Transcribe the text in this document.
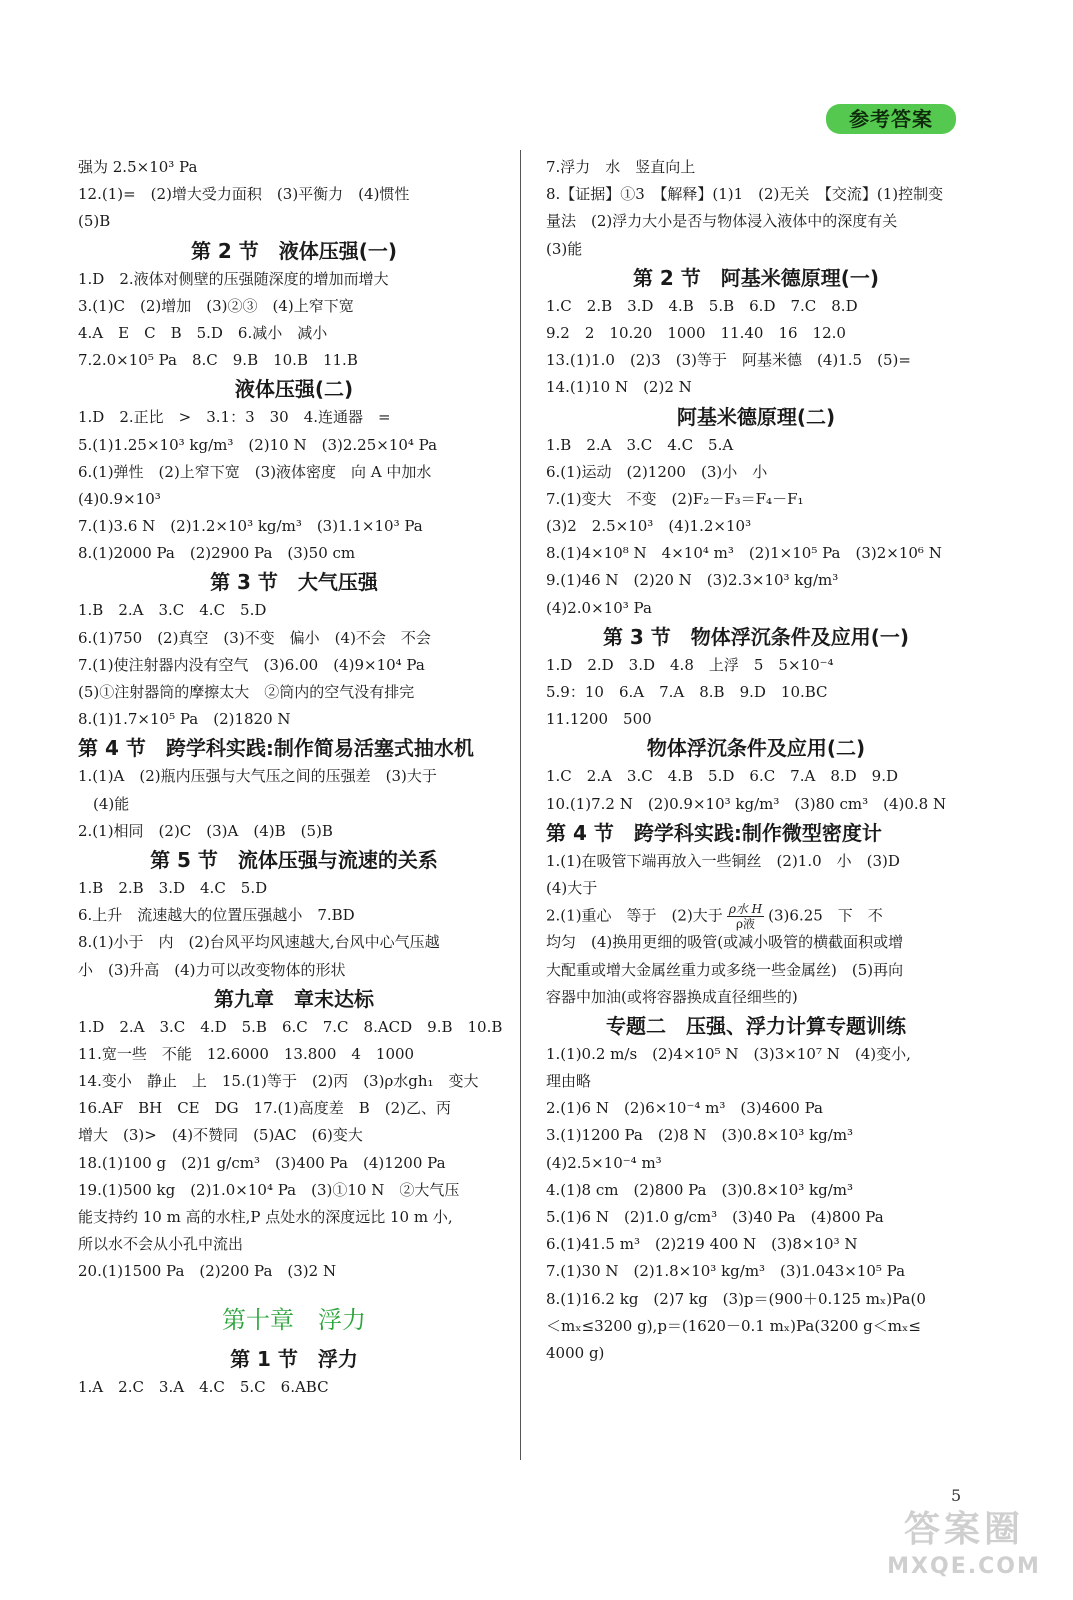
参考答案
强为 2.5×10³ Pa
12.(1)=　(2)增大受力面积　(3)平衡力　(4)惯性
(5)B
第 2 节　液体压强(一)
1.D　2.液体对侧壁的压强随深度的增加而增大
3.(1)C　(2)增加　(3)②③　(4)上窄下宽
4.A　E　C　B　5.D　6.减小　减小
7.2.0×10⁵ Pa　8.C　9.B　10.B　11.B
液体压强(二)
1.D　2.正比　>　3.1：3　30　4.连通器　=
5.(1)1.25×10³ kg/m³　(2)10 N　(3)2.25×10⁴ Pa
6.(1)弹性　(2)上窄下宽　(3)液体密度　向 A 中加水
(4)0.9×10³
7.(1)3.6 N　(2)1.2×10³ kg/m³　(3)1.1×10³ Pa
8.(1)2000 Pa　(2)2900 Pa　(3)50 cm
第 3 节　大气压强
1.B　2.A　3.C　4.C　5.D
6.(1)750　(2)真空　(3)不变　偏小　(4)不会　不会
7.(1)使注射器内没有空气　(3)6.00　(4)9×10⁴ Pa
(5)①注射器筒的摩擦太大　②筒内的空气没有排完
8.(1)1.7×10⁵ Pa　(2)1820 N
第 4 节　跨学科实践:制作简易活塞式抽水机
1.(1)A　(2)瓶内压强与大气压之间的压强差　(3)大于
　(4)能
2.(1)相同　(2)C　(3)A　(4)B　(5)B
第 5 节　流体压强与流速的关系
1.B　2.B　3.D　4.C　5.D
6.上升　流速越大的位置压强越小　7.BD
8.(1)小于　内　(2)台风平均风速越大,台风中心气压越
小　(3)升高　(4)力可以改变物体的形状
第九章　章末达标
1.D　2.A　3.C　4.D　5.B　6.C　7.C　8.ACD　9.B　10.B
11.宽一些　不能　12.6000　13.800　4　1000
14.变小　静止　上　15.(1)等于　(2)丙　(3)ρ水gh₁　变大
16.AF　BH　CE　DG　17.(1)高度差　B　(2)乙、丙
增大　(3)>　(4)不赞同　(5)AC　(6)变大
18.(1)100 g　(2)1 g/cm³　(3)400 Pa　(4)1200 Pa
19.(1)500 kg　(2)1.0×10⁴ Pa　(3)①10 N　②大气压
能支持约 10 m 高的水柱,P 点处水的深度远比 10 m 小,
所以水不会从小孔中流出
20.(1)1500 Pa　(2)200 Pa　(3)2 N
第十章　浮力
第 1 节　浮力
1.A　2.C　3.A　4.C　5.C　6.ABC
7.浮力　水　竖直向上
8.【证据】①3　【解释】(1)1　(2)无关　【交流】(1)控制变
量法　(2)浮力大小是否与物体浸入液体中的深度有关
(3)能
第 2 节　阿基米德原理(一)
1.C　2.B　3.D　4.B　5.B　6.D　7.C　8.D
9.2　2　10.20　1000　11.40　16　12.0
13.(1)1.0　(2)3　(3)等于　阿基米德　(4)1.5　(5)=
14.(1)10 N　(2)2 N
阿基米德原理(二)
1.B　2.A　3.C　4.C　5.A
6.(1)运动　(2)1200　(3)小　小
7.(1)变大　不变　(2)F₂－F₃＝F₄－F₁
(3)2　2.5×10³　(4)1.2×10³
8.(1)4×10⁸ N　4×10⁴ m³　(2)1×10⁵ Pa　(3)2×10⁶ N
9.(1)46 N　(2)20 N　(3)2.3×10³ kg/m³
(4)2.0×10³ Pa
第 3 节　物体浮沉条件及应用(一)
1.D　2.D　3.D　4.8　上浮　5　5×10⁻⁴
5.9：10　6.A　7.A　8.B　9.D　10.BC
11.1200　500
物体浮沉条件及应用(二)
1.C　2.A　3.C　4.B　5.D　6.C　7.A　8.D　9.D
10.(1)7.2 N　(2)0.9×10³ kg/m³　(3)80 cm³　(4)0.8 N
第 4 节　跨学科实践:制作微型密度计
1.(1)在吸管下端再放入一些铜丝　(2)1.0　小　(3)D
(4)大于
2.(1)重心　等于　(2)大于 $\frac{\text{ρ水 H}}{\text{ρ液}} (3)6.25$　下　不
均匀　(4)换用更细的吸管(或减小吸管的横截面积或增
大配重或增大金属丝重力或多绕一些金属丝)　(5)再向
容器中加油(或将容器换成直径细些的)
专题二　压强、浮力计算专题训练
1.(1)0.2 m/s　(2)4×10⁵ N　(3)3×10⁷ N　(4)变小,
理由略
2.(1)6 N　(2)6×10⁻⁴ m³　(3)4600 Pa
3.(1)1200 Pa　(2)8 N　(3)0.8×10³ kg/m³
(4)2.5×10⁻⁴ m³
4.(1)8 cm　(2)800 Pa　(3)0.8×10³ kg/m³
5.(1)6 N　(2)1.0 g/cm³　(3)40 Pa　(4)800 Pa
6.(1)41.5 m³　(2)219 400 N　(3)8×10³ N
7.(1)30 N　(2)1.8×10³ kg/m³　(3)1.043×10⁵ Pa
8.(1)16.2 kg　(2)7 kg　(3)p＝(900＋0.125 mₓ)Pa(0
＜mₓ≤3200 g),p＝(1620－0.1 mₓ)Pa(3200 g＜mₓ≤
4000 g)
5
答案圈
MXQE.COM
